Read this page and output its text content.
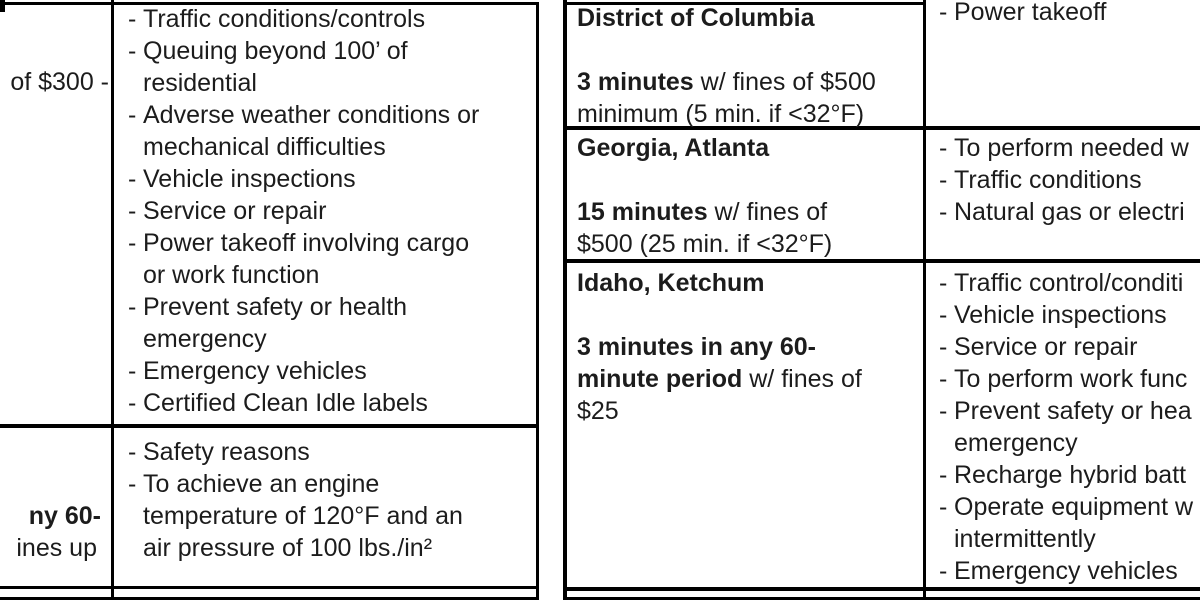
of $300 -
ny 60-
ines up
- Traffic conditions/controls
- Queuing beyond 100’ of
residential
- Adverse weather conditions or
mechanical difficulties
- Vehicle inspections
- Service or repair
- Power takeoff involving cargo
or work function
- Prevent safety or health
emergency
- Emergency vehicles
- Certified Clean Idle labels
- Safety reasons
- To achieve an engine
temperature of 120°F and an
air pressure of 100 lbs./in²
District of Columbia

3 minutes w/ fines of $500
minimum (5 min. if <32°F)
- Power takeoff
Georgia, Atlanta

15 minutes w/ fines of
$500 (25 min. if <32°F)
- To perform needed w
- Traffic conditions
- Natural gas or electri
Idaho, Ketchum

3 minutes in any 60-
minute period w/ fines of
$25
- Traffic control/conditi
- Vehicle inspections
- Service or repair
- To perform work func
- Prevent safety or hea
emergency
- Recharge hybrid batt
- Operate equipment w
intermittently
- Emergency vehicles
